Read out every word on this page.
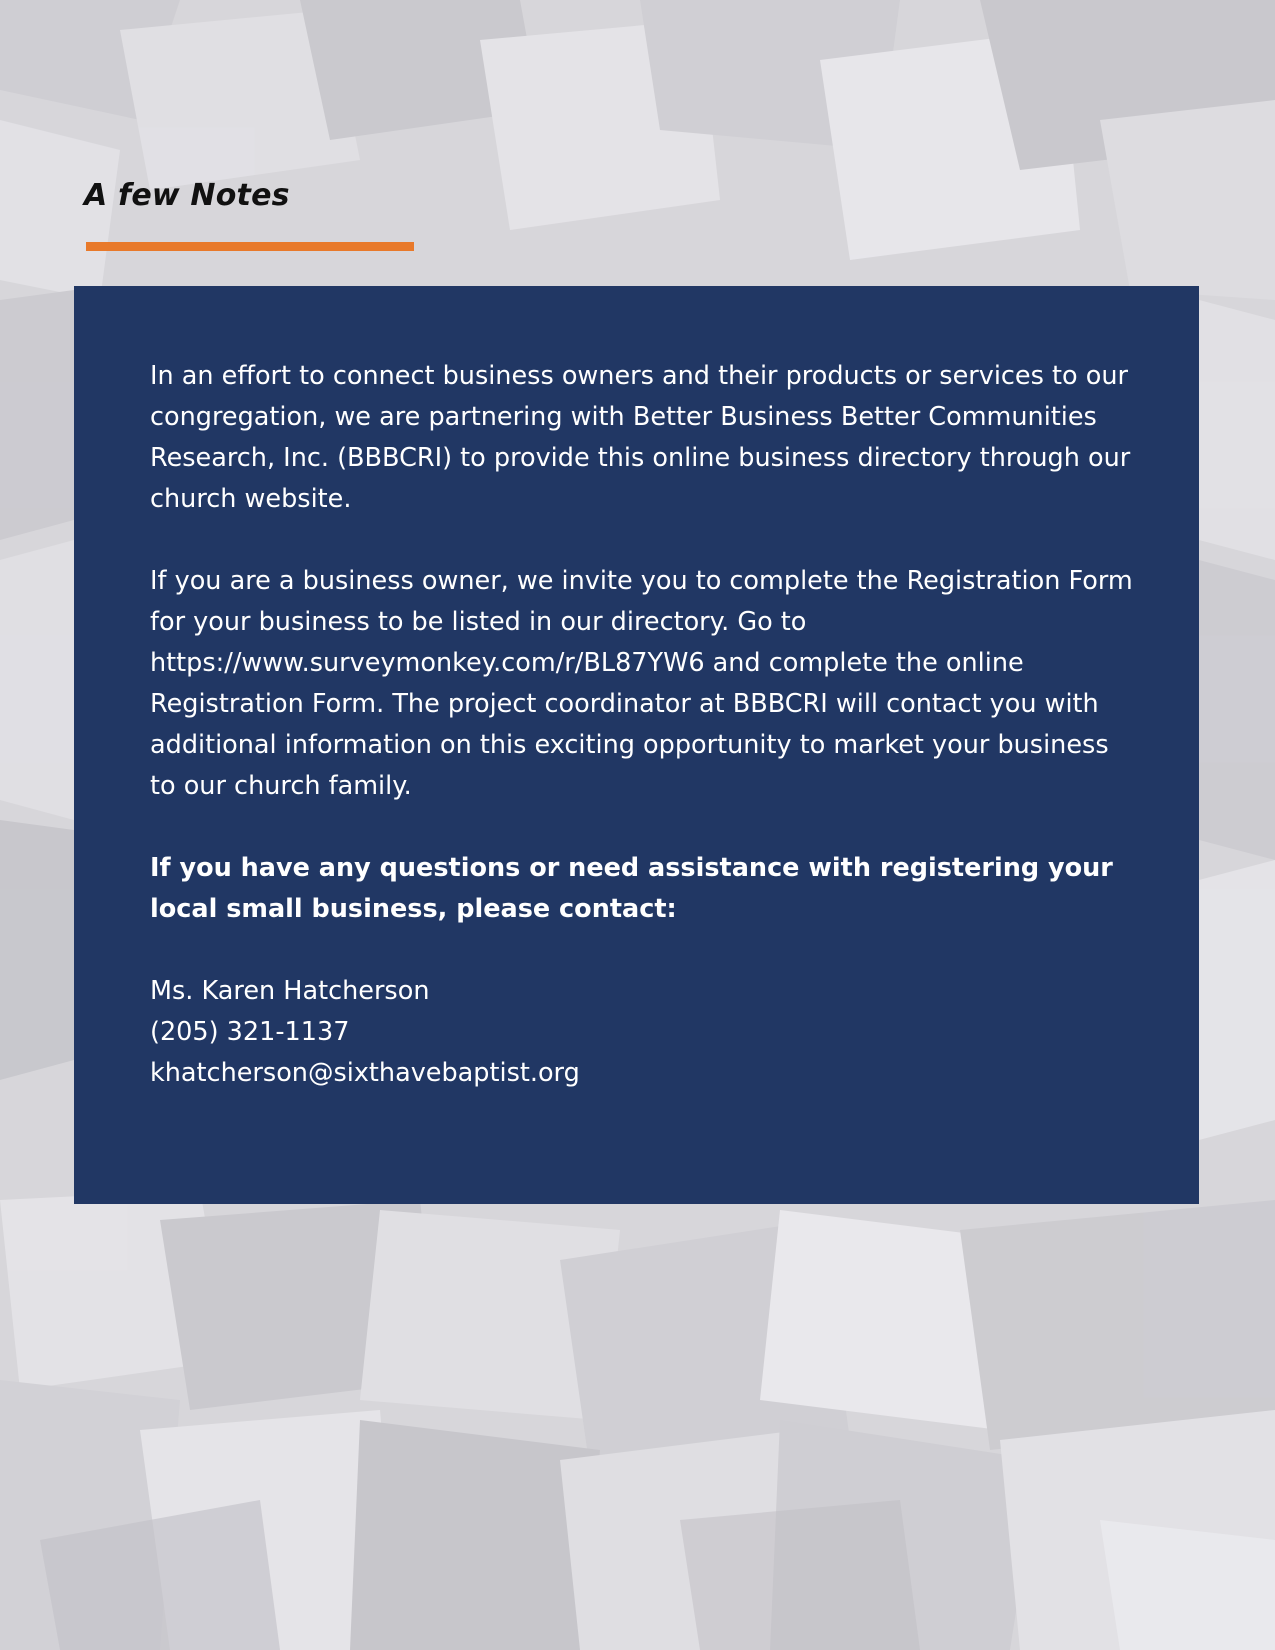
A few Notes

In an effort to connect business owners and their products or services to our congregation, we are partnering with Better Business Better Communities Research, Inc. (BBBCRI) to provide this online business directory through our church website.

If you are a business owner, we invite you to complete the Registration Form for your business to be listed in our directory. Go to https://www.surveymonkey.com/r/BL87YW6 and complete the online Registration Form. The project coordinator at BBBCRI will contact you with additional information on this exciting opportunity to market your business to our church family.

If you have any questions or need assistance with registering your local small business, please contact:

Ms. Karen Hatcherson
(205) 321-1137
khatcherson@sixthavebaptist.org
